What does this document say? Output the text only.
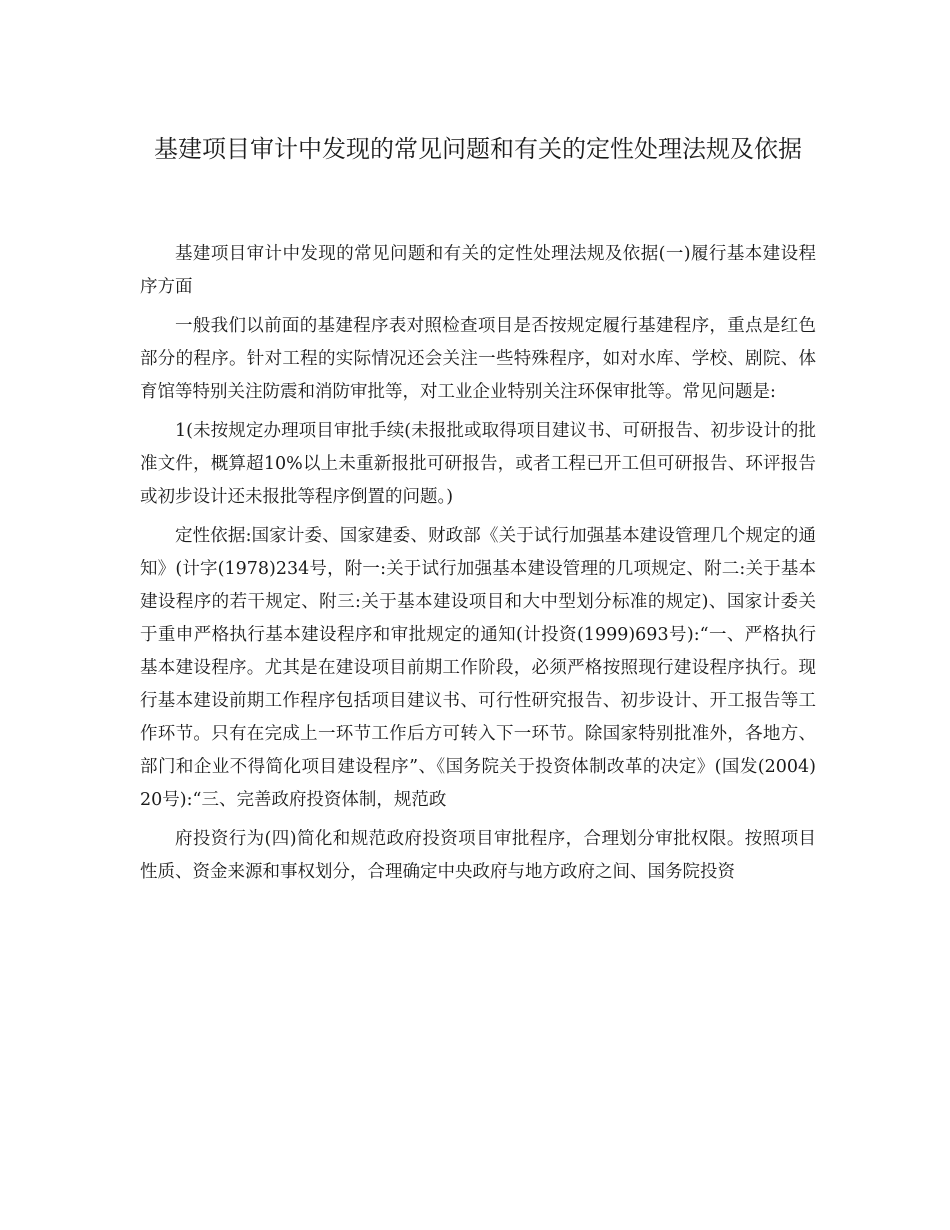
基建项目审计中发现的常见问题和有关的定性处理法规及依据

基建项目审计中发现的常见问题和有关的定性处理法规及依据(一)履行基本建设程序方面

一般我们以前面的基建程序表对照检查项目是否按规定履行基建程序，重点是红色部分的程序。针对工程的实际情况还会关注一些特殊程序，如对水库、学校、剧院、体育馆等特别关注防震和消防审批等，对工业企业特别关注环保审批等。常见问题是:

1(未按规定办理项目审批手续(未报批或取得项目建议书、可研报告、初步设计的批准文件，概算超10%以上未重新报批可研报告，或者工程已开工但可研报告、环评报告或初步设计还未报批等程序倒置的问题。)

定性依据:国家计委、国家建委、财政部《关于试行加强基本建设管理几个规定的通知》(计字(1978)234号，附一:关于试行加强基本建设管理的几项规定、附二:关于基本建设程序的若干规定、附三:关于基本建设项目和大中型划分标准的规定)、国家计委关于重申严格执行基本建设程序和审批规定的通知(计投资(1999)693号):“一、严格执行基本建设程序。尤其是在建设项目前期工作阶段，必须严格按照现行建设程序执行。现行基本建设前期工作程序包括项目建议书、可行性研究报告、初步设计、开工报告等工作环节。只有在完成上一环节工作后方可转入下一环节。除国家特别批准外，各地方、部门和企业不得简化项目建设程序”、《国务院关于投资体制改革的决定》(国发(2004) 20号):“三、完善政府投资体制，规范政

府投资行为(四)简化和规范政府投资项目审批程序，合理划分审批权限。按照项目性质、资金来源和事权划分，合理确定中央政府与地方政府之间、国务院投资
